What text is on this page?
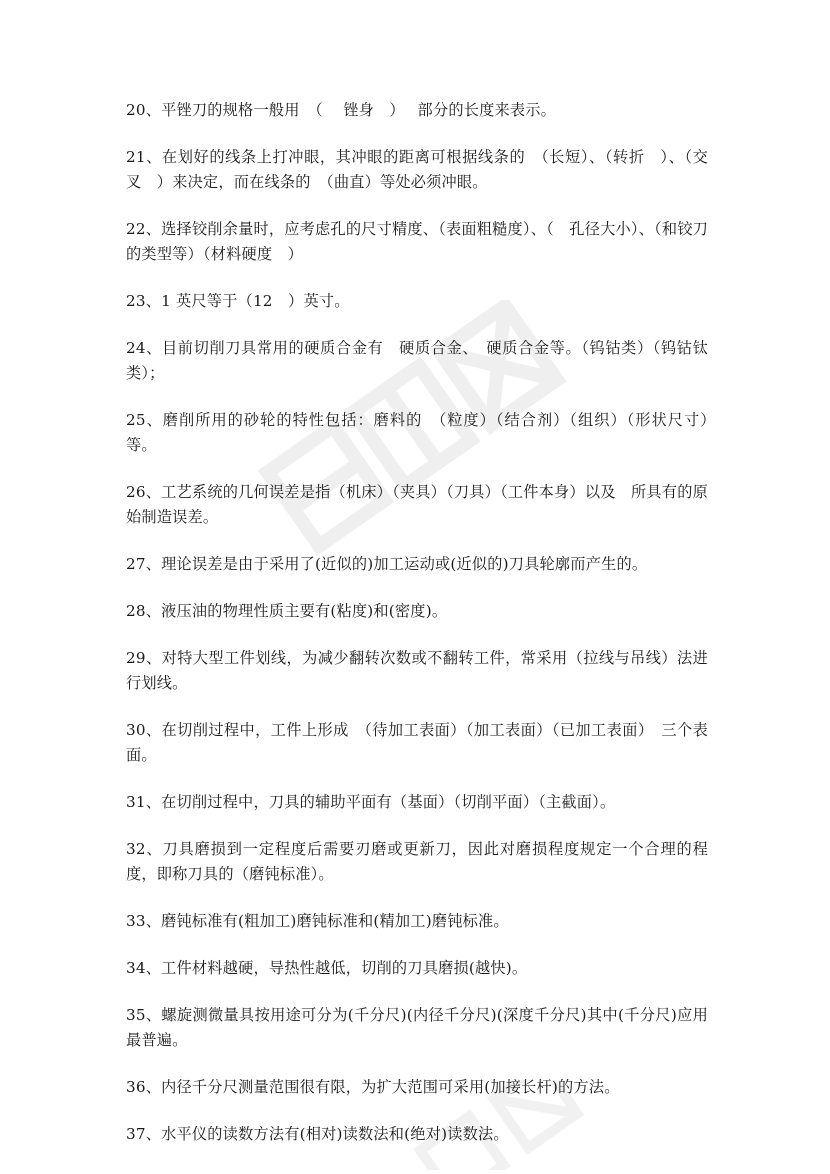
20、平锉刀的规格一般用　（　 锉身　）　 部分的长度来表示。

21、在划好的线条上打冲眼，其冲眼的距离可根据线条的　（长短）、（转折　）、（交叉　）来决定，而在线条的　（曲直）等处必须冲眼。

22、选择铰削余量时，应考虑孔的尺寸精度、（表面粗糙度）、（　孔径大小）、（和铰刀的类型等）（材料硬度　）

23、1 英尺等于（12　）英寸。

24、目前切削刀具常用的硬质合金有　硬质合金、　硬质合金等。（钨钴类）（钨钴钛类）；

25、磨削所用的砂轮的特性包括：磨料的　（粒度）（结合剂）（组织）（形状尺寸）　等。

26、工艺系统的几何误差是指（机床）（夹具）（刀具）（工件本身）以及　所具有的原始制造误差。

27、理论误差是由于采用了(近似的)加工运动或(近似的)刀具轮廓而产生的。

28、液压油的物理性质主要有(粘度)和(密度)。

29、对特大型工件划线，为减少翻转次数或不翻转工件，常采用（拉线与吊线）法进行划线。

30、在切削过程中，工件上形成　（待加工表面）（加工表面）（已加工表面）　三个表面。

31、在切削过程中，刀具的辅助平面有（基面）（切削平面）（主截面）。

32、刀具磨损到一定程度后需要刃磨或更新刀，因此对磨损程度规定一个合理的程度，即称刀具的（磨钝标准）。

33、磨钝标准有(粗加工)磨钝标准和(精加工)磨钝标准。

34、工件材料越硬，导热性越低，切削的刀具磨损(越快)。

35、螺旋测微量具按用途可分为(千分尺)(内径千分尺)(深度千分尺)其中(千分尺)应用最普遍。

36、内径千分尺测量范围很有限，为扩大范围可采用(加接长杆)的方法。

37、水平仪的读数方法有(相对)读数法和(绝对)读数法。
